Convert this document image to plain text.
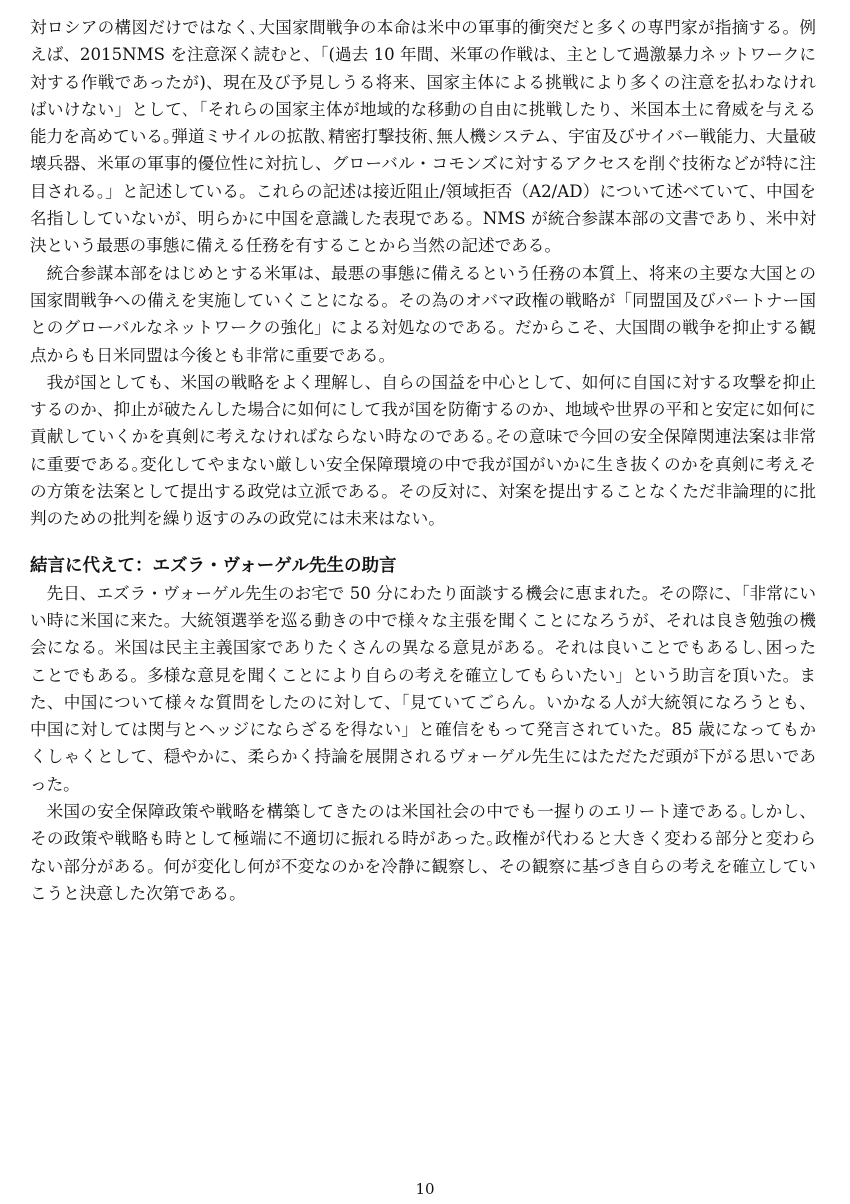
対ロシアの構図だけではなく､大国家間戦争の本命は米中の軍事的衝突だと多くの専門家が指摘する。例えば、2015NMS を注意深く読むと、「(過去 10 年間、米軍の作戦は、主として過激暴力ネットワークに対する作戦であったが)、現在及び予見しうる将来、国家主体による挑戦により多くの注意を払わなければいけない」として､「それらの国家主体が地域的な移動の自由に挑戦したり、米国本土に脅威を与える能力を高めている｡弾道ミサイルの拡散､精密打撃技術､無人機システム、宇宙及びサイバー戦能力、大量破壊兵器、米軍の軍事的優位性に対抗し、グローバル・コモンズに対するアクセスを削ぐ技術などが特に注目される。」と記述している。これらの記述は接近阻止/領域拒否（A2/AD）について述べていて、中国を名指ししていないが、明らかに中国を意識した表現である。NMS が統合参謀本部の文書であり、米中対決という最悪の事態に備える任務を有することから当然の記述である。

統合参謀本部をはじめとする米軍は、最悪の事態に備えるという任務の本質上、将来の主要な大国との国家間戦争への備えを実施していくことになる。その為のオバマ政権の戦略が「同盟国及びパートナー国とのグローバルなネットワークの強化」による対処なのである。だからこそ、大国間の戦争を抑止する観点からも日米同盟は今後とも非常に重要である。

我が国としても、米国の戦略をよく理解し、自らの国益を中心として、如何に自国に対する攻撃を抑止するのか、抑止が破たんした場合に如何にして我が国を防衛するのか、地域や世界の平和と安定に如何に貢献していくかを真剣に考えなければならない時なのである｡その意味で今回の安全保障関連法案は非常に重要である｡変化してやまない厳しい安全保障環境の中で我が国がいかに生き抜くのかを真剣に考えその方策を法案として提出する政党は立派である。その反対に、対案を提出することなくただ非論理的に批判のための批判を繰り返すのみの政党には未来はない。

結言に代えて：エズラ・ヴォーゲル先生の助言

先日、エズラ・ヴォーゲル先生のお宅で 50 分にわたり面談する機会に恵まれた。その際に、「非常にいい時に米国に来た。大統領選挙を巡る動きの中で様々な主張を聞くことになろうが、それは良き勉強の機会になる。米国は民主主義国家でありたくさんの異なる意見がある。それは良いことでもあるし､困ったことでもある。多様な意見を聞くことにより自らの考えを確立してもらいたい」という助言を頂いた。また、中国について様々な質問をしたのに対して、「見ていてごらん。いかなる人が大統領になろうとも、中国に対しては関与とヘッジにならざるを得ない」と確信をもって発言されていた。85 歳になってもかくしゃくとして、穏やかに、柔らかく持論を展開されるヴォーゲル先生にはただただ頭が下がる思いであった。

米国の安全保障政策や戦略を構築してきたのは米国社会の中でも一握りのエリート達である｡しかし、その政策や戦略も時として極端に不適切に振れる時があった｡政権が代わると大きく変わる部分と変わらない部分がある。何が変化し何が不変なのかを冷静に観察し、その観察に基づき自らの考えを確立していこうと決意した次第である。

10
